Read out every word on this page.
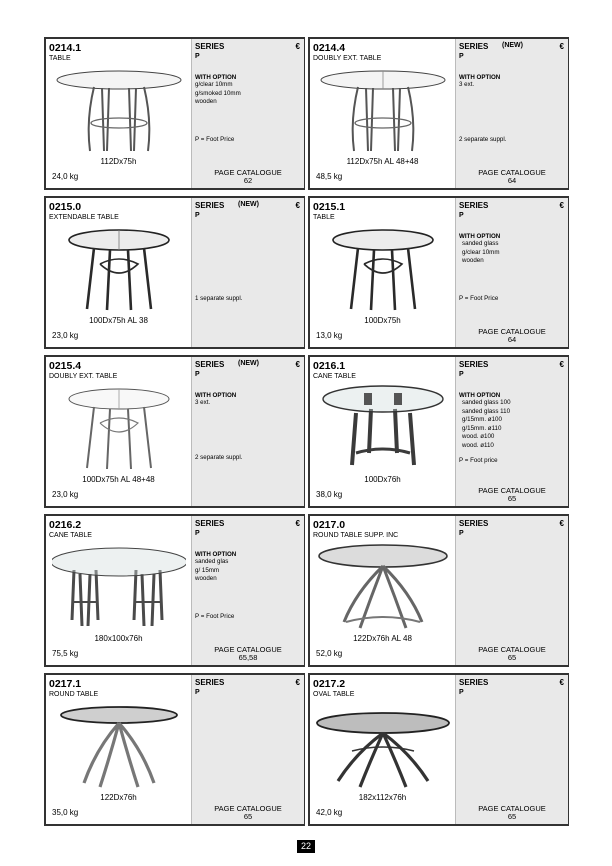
0214.1
TABLE
112Dx75h
24,0 kg
SERIES	€
P
WITH OPTION
g/clear 10mm
g/smoked 10mm
wooden
P = Foot Price
PAGE CATALOGUE
62
0214.4
DOUBLY EXT. TABLE
112Dx75h AL 48+48
48,5 kg
SERIES (NEW)	€
P
WITH OPTION
3 ext.
2 separate suppl.
PAGE CATALOGUE
64
0215.0
EXTENDABLE TABLE
100Dx75h AL 38
23,0 kg
SERIES (NEW)	€
P
1 separate suppl.
0215.1
TABLE
100Dx75h
13,0 kg
SERIES	€
P
WITH OPTION
sanded glass
g/clear 10mm
wooden
P = Foot Price
PAGE CATALOGUE
64
0215.4
DOUBLY EXT. TABLE
100Dx75h AL 48+48
23,0 kg
SERIES (NEW)	€
P
WITH OPTION
3 ext.
2 separate suppl.
0216.1
CANE TABLE
100Dx76h
38,0 kg
SERIES	€
P
WITH OPTION
sanded glass 100
sanded glass 110
g/15mm. ø100
g/15mm. ø110
wood. ø100
wood. ø110
P = Foot price
PAGE CATALOGUE
65
0216.2
CANE TABLE
180x100x76h
75,5 kg
SERIES	€
P
WITH OPTION
sanded glas
g/ 15mm
wooden
P = Foot Price
PAGE CATALOGUE
65,58
0217.0
ROUND TABLE SUPP. INC
122Dx76h AL 48
52,0 kg
SERIES	€
P
PAGE CATALOGUE
65
0217.1
ROUND TABLE
122Dx76h
35,0 kg
SERIES	€
P
PAGE CATALOGUE
65
0217.2
OVAL TABLE
182x112x76h
42,0 kg
SERIES	€
P
PAGE CATALOGUE
65
22
